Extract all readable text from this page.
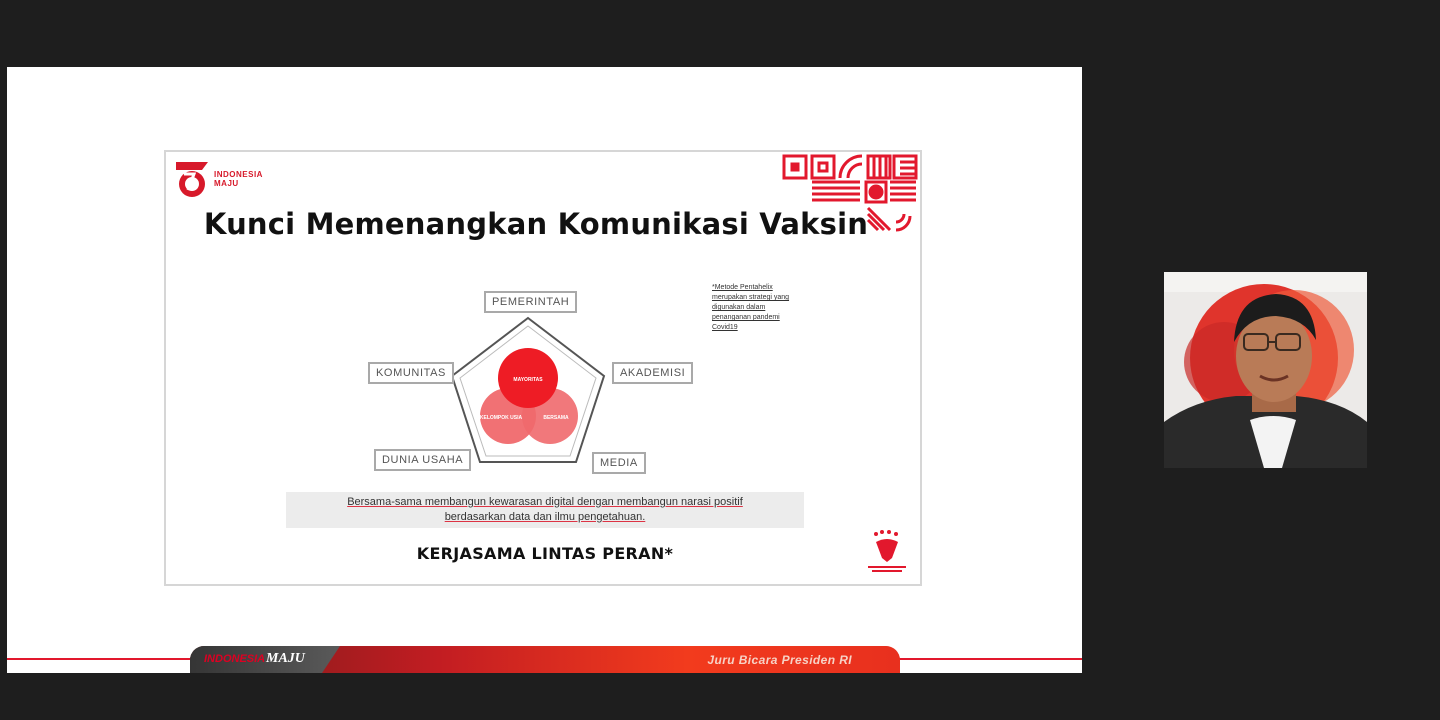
INDONESIA
MAJU
Kunci Memenangkan Komunikasi Vaksin
MAYORITAS
KELOMPOK USIA	BERSAMA
PEMERINTAH
KOMUNITAS	AKADEMISI
DUNIA USAHA	MEDIA
*Metode Pentahelix merupakan strategi yang digunakan dalam penanganan pandemi Covid19
Bersama-sama membangun kewarasan digital dengan membangun narasi positif
berdasarkan data dan ilmu pengetahuan.
KERJASAMA LINTAS PERAN*
INDONESIA MAJU	Juru Bicara Presiden RI
